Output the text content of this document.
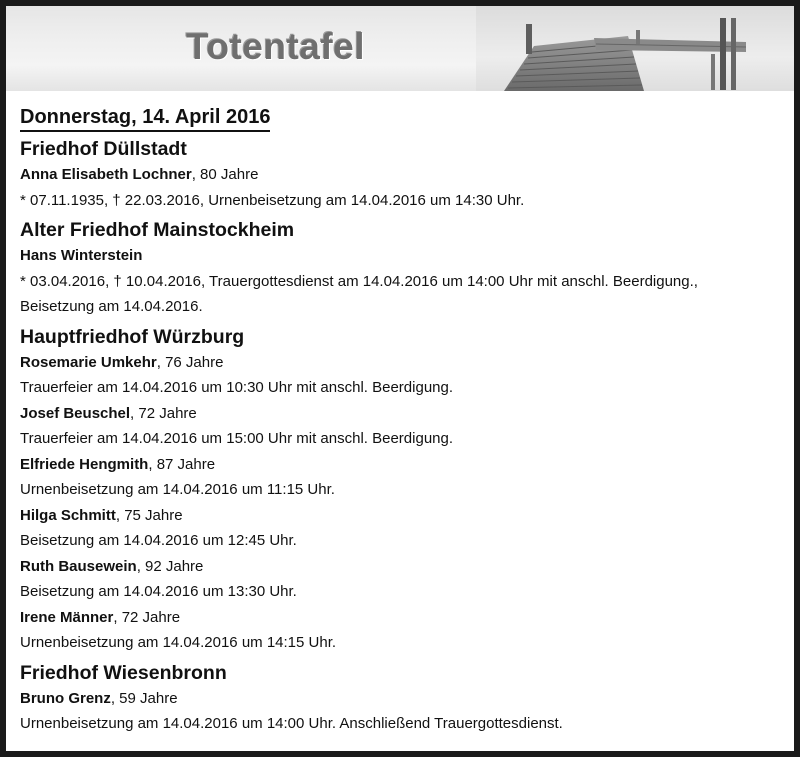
Totentafel
Donnerstag, 14. April 2016
Friedhof Düllstadt
Anna Elisabeth Lochner, 80 Jahre
* 07.11.1935, † 22.03.2016, Urnenbeisetzung am 14.04.2016 um 14:30 Uhr.
Alter Friedhof Mainstockheim
Hans Winterstein
* 03.04.2016, † 10.04.2016, Trauergottesdienst am 14.04.2016 um 14:00 Uhr mit anschl. Beerdigung.,
Beisetzung am 14.04.2016.
Hauptfriedhof Würzburg
Rosemarie Umkehr, 76 Jahre
Trauerfeier am 14.04.2016 um 10:30 Uhr mit anschl. Beerdigung.
Josef Beuschel, 72 Jahre
Trauerfeier am 14.04.2016 um 15:00 Uhr mit anschl. Beerdigung.
Elfriede Hengmith, 87 Jahre
Urnenbeisetzung am 14.04.2016 um 11:15 Uhr.
Hilga Schmitt, 75 Jahre
Beisetzung am 14.04.2016 um 12:45 Uhr.
Ruth Bausewein, 92 Jahre
Beisetzung am 14.04.2016 um 13:30 Uhr.
Irene Männer, 72 Jahre
Urnenbeisetzung am 14.04.2016 um 14:15 Uhr.
Friedhof Wiesenbronn
Bruno Grenz, 59 Jahre
Urnenbeisetzung am 14.04.2016 um 14:00 Uhr. Anschließend Trauergottesdienst.
